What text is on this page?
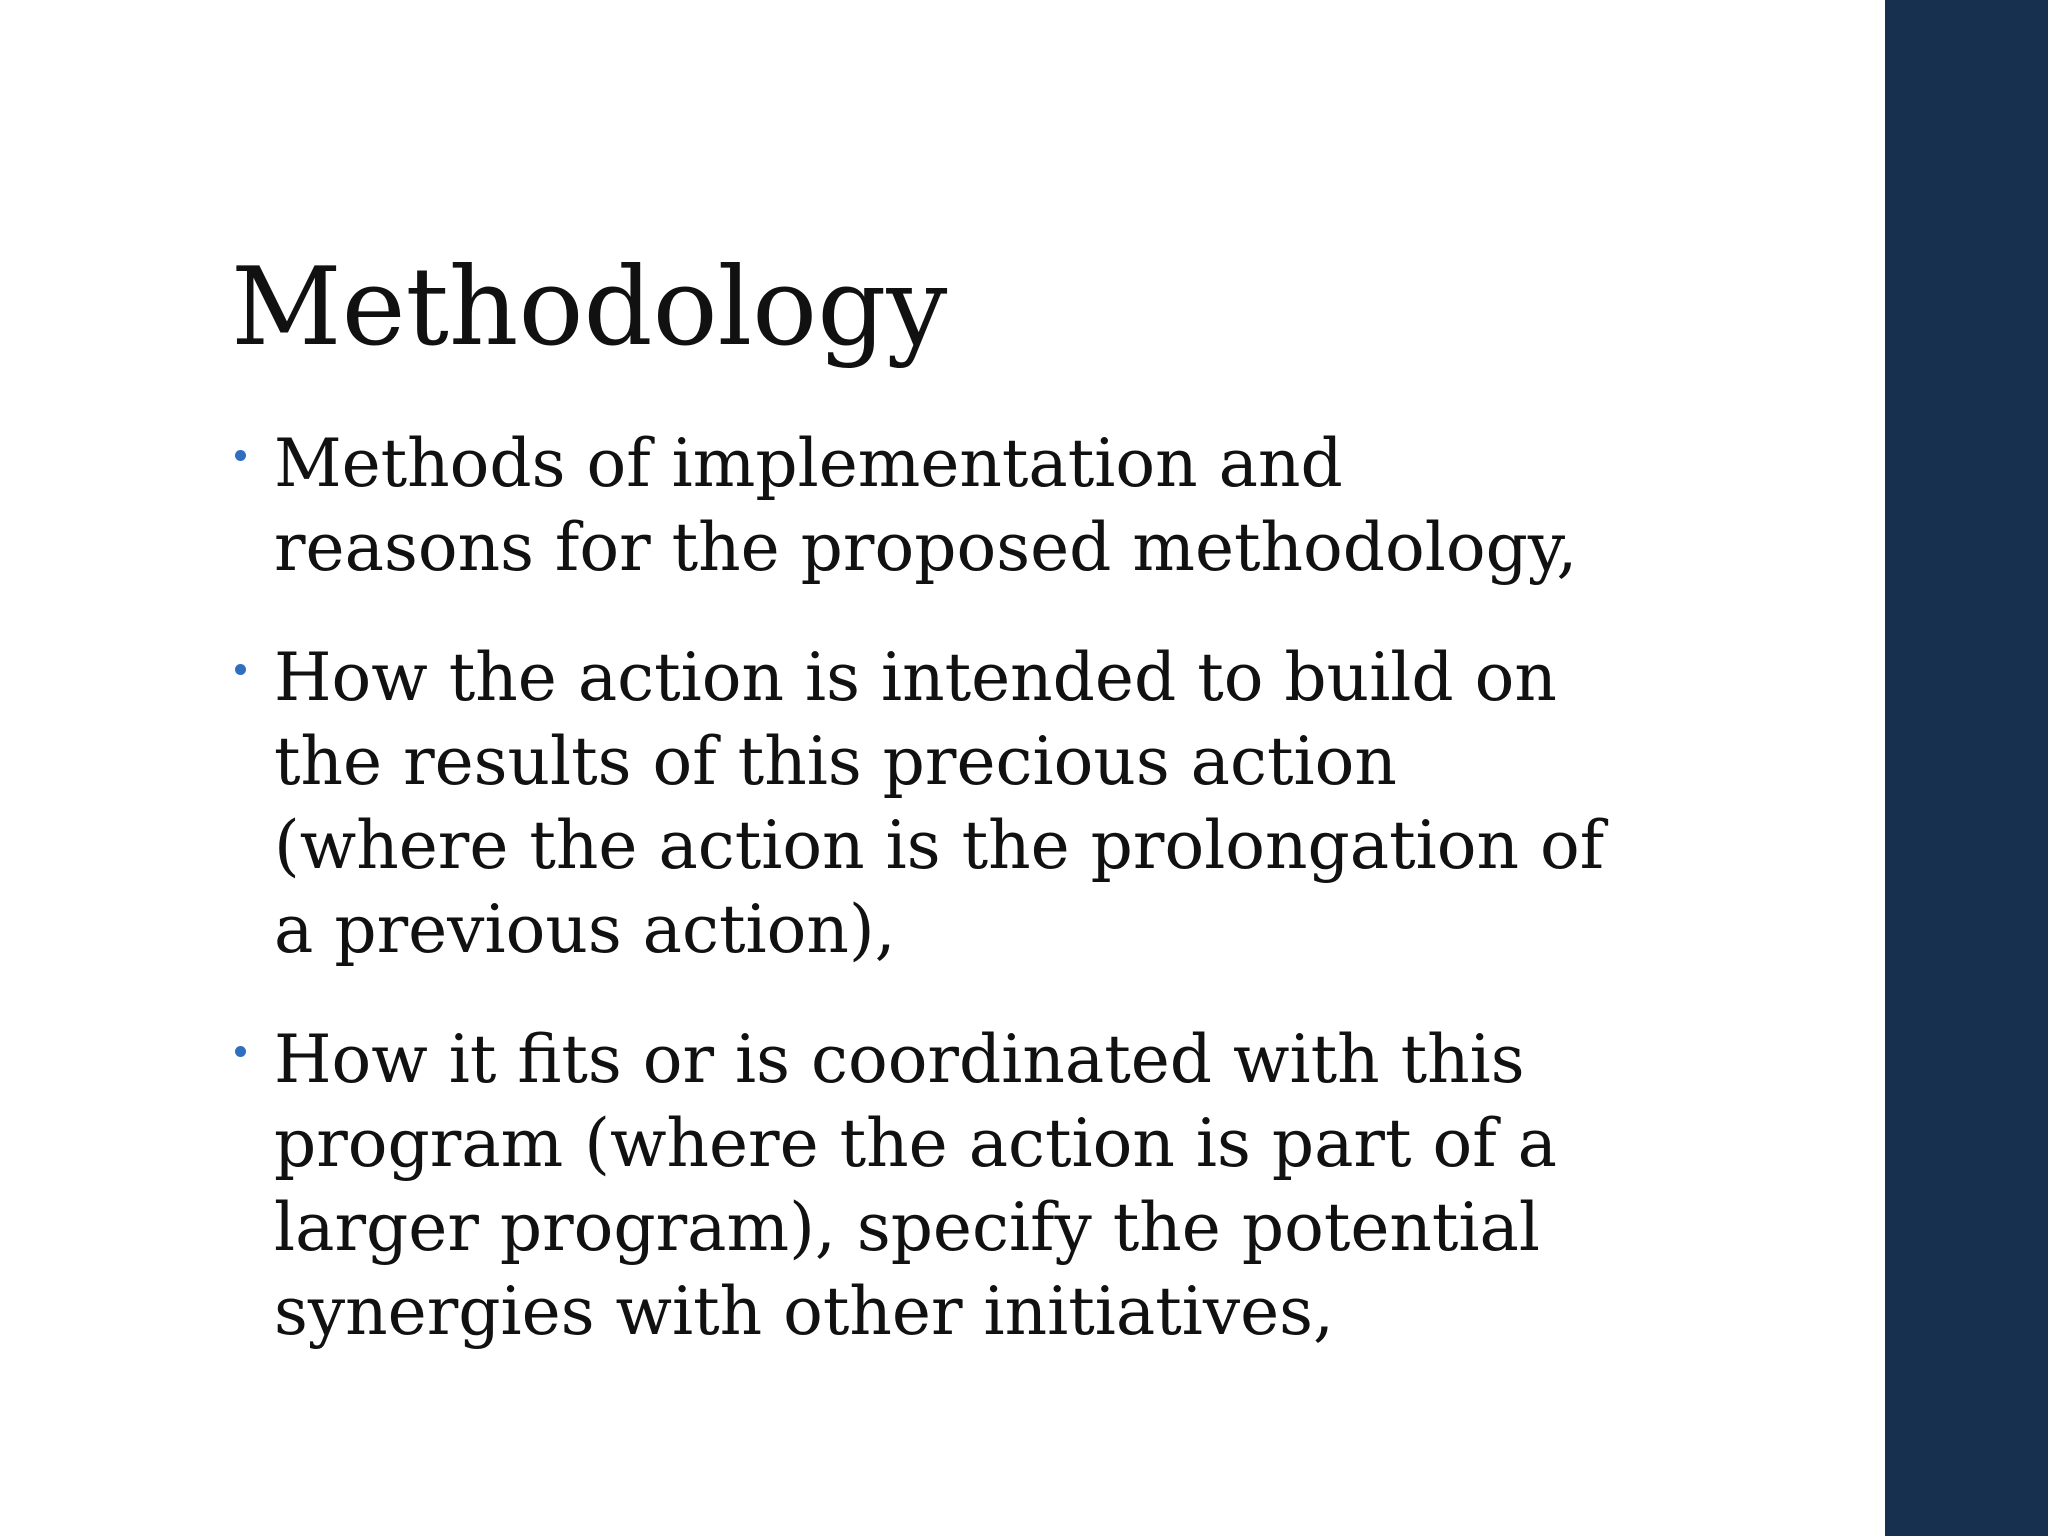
Methodology
Methods of implementation and
reasons for the proposed methodology,
How the action is intended to build on
the results of this precious action
(where the action is the prolongation of
a previous action),
How it fits or is coordinated with this
program (where the action is part of a
larger program), specify the potential
synergies with other initiatives,
